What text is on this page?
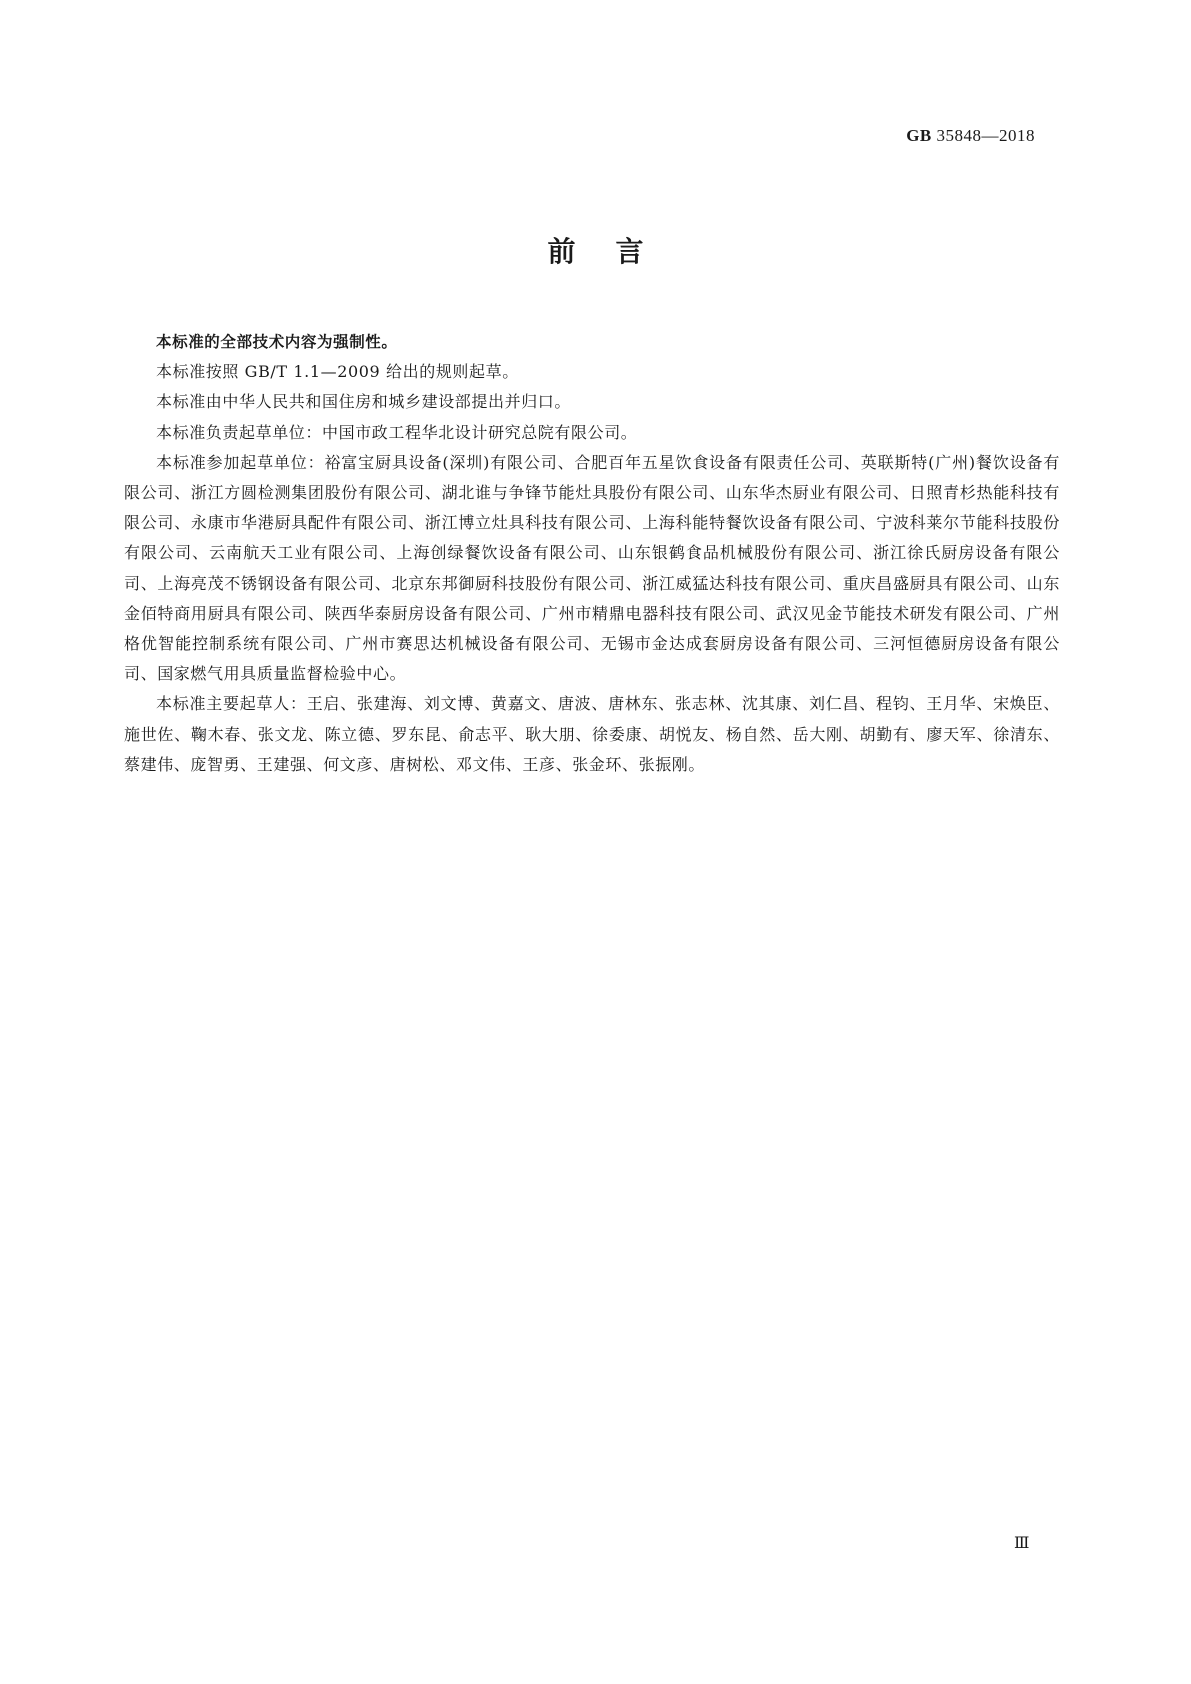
GB 35848—2018
前言

本标准的全部技术内容为强制性。

本标准按照 GB/T 1.1—2009 给出的规则起草。

本标准由中华人民共和国住房和城乡建设部提出并归口。

本标准负责起草单位：中国市政工程华北设计研究总院有限公司。

本标准参加起草单位：裕富宝厨具设备(深圳)有限公司、合肥百年五星饮食设备有限责任公司、英联斯特(广州)餐饮设备有限公司、浙江方圆检测集团股份有限公司、湖北谁与争锋节能灶具股份有限公司、山东华杰厨业有限公司、日照青杉热能科技有限公司、永康市华港厨具配件有限公司、浙江博立灶具科技有限公司、上海科能特餐饮设备有限公司、宁波科莱尔节能科技股份有限公司、云南航天工业有限公司、上海创绿餐饮设备有限公司、山东银鹤食品机械股份有限公司、浙江徐氏厨房设备有限公司、上海亮茂不锈钢设备有限公司、北京东邦御厨科技股份有限公司、浙江威猛达科技有限公司、重庆昌盛厨具有限公司、山东金佰特商用厨具有限公司、陕西华泰厨房设备有限公司、广州市精鼎电器科技有限公司、武汉见金节能技术研发有限公司、广州格优智能控制系统有限公司、广州市赛思达机械设备有限公司、无锡市金达成套厨房设备有限公司、三河恒德厨房设备有限公司、国家燃气用具质量监督检验中心。

本标准主要起草人：王启、张建海、刘文博、黄嘉文、唐波、唐林东、张志林、沈其康、刘仁昌、程钧、王月华、宋焕臣、施世佐、鞠木春、张文龙、陈立德、罗东昆、俞志平、耿大朋、徐委康、胡悦友、杨自然、岳大刚、胡勤有、廖天军、徐清东、蔡建伟、庞智勇、王建强、何文彦、唐树松、邓文伟、王彦、张金环、张振刚。

Ⅲ
